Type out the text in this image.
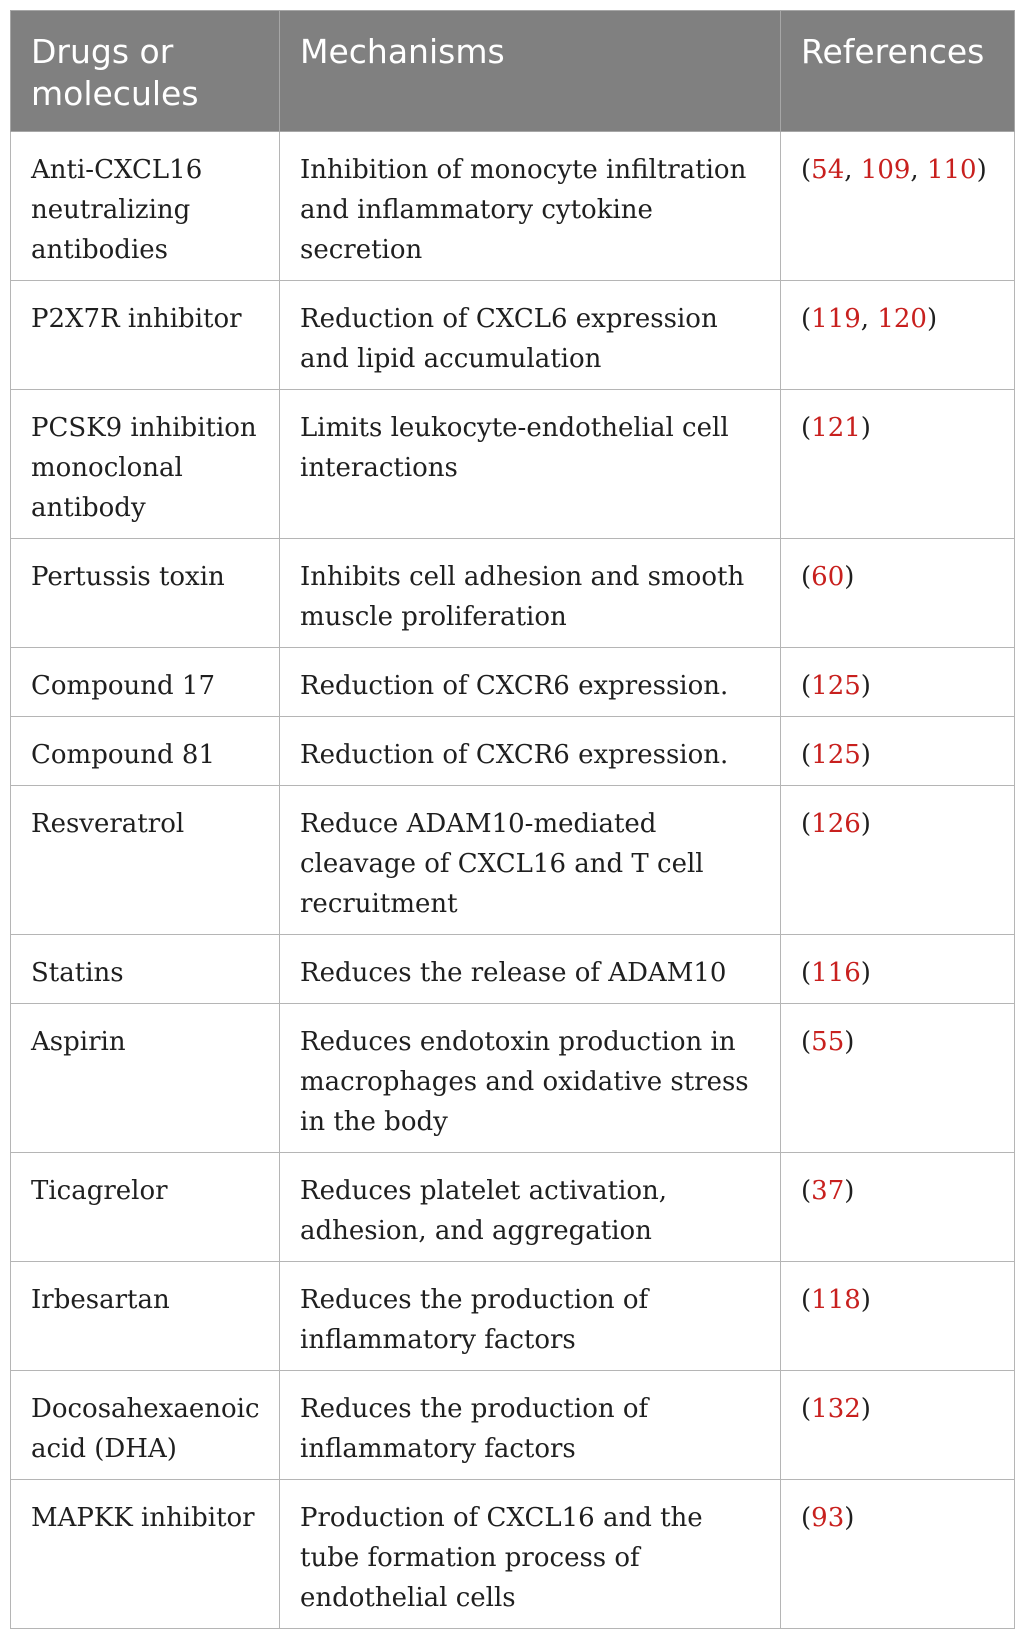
Drugs or molecules	Mechanisms	References
Anti-CXCL16 neutralizing antibodies	Inhibition of monocyte infiltration and inflammatory cytokine secretion	(54, 109, 110)
P2X7R inhibitor	Reduction of CXCL6 expression and lipid accumulation	(119, 120)
PCSK9 inhibition monoclonal antibody	Limits leukocyte-endothelial cell interactions	(121)
Pertussis toxin	Inhibits cell adhesion and smooth muscle proliferation	(60)
Compound 17	Reduction of CXCR6 expression.	(125)
Compound 81	Reduction of CXCR6 expression.	(125)
Resveratrol	Reduce ADAM10-mediated cleavage of CXCL16 and T cell recruitment	(126)
Statins	Reduces the release of ADAM10	(116)
Aspirin	Reduces endotoxin production in macrophages and oxidative stress in the body	(55)
Ticagrelor	Reduces platelet activation, adhesion, and aggregation	(37)
Irbesartan	Reduces the production of inflammatory factors	(118)
Docosahexaenoic acid (DHA)	Reduces the production of inflammatory factors	(132)
MAPKK inhibitor	Production of CXCL16 and the tube formation process of endothelial cells	(93)
